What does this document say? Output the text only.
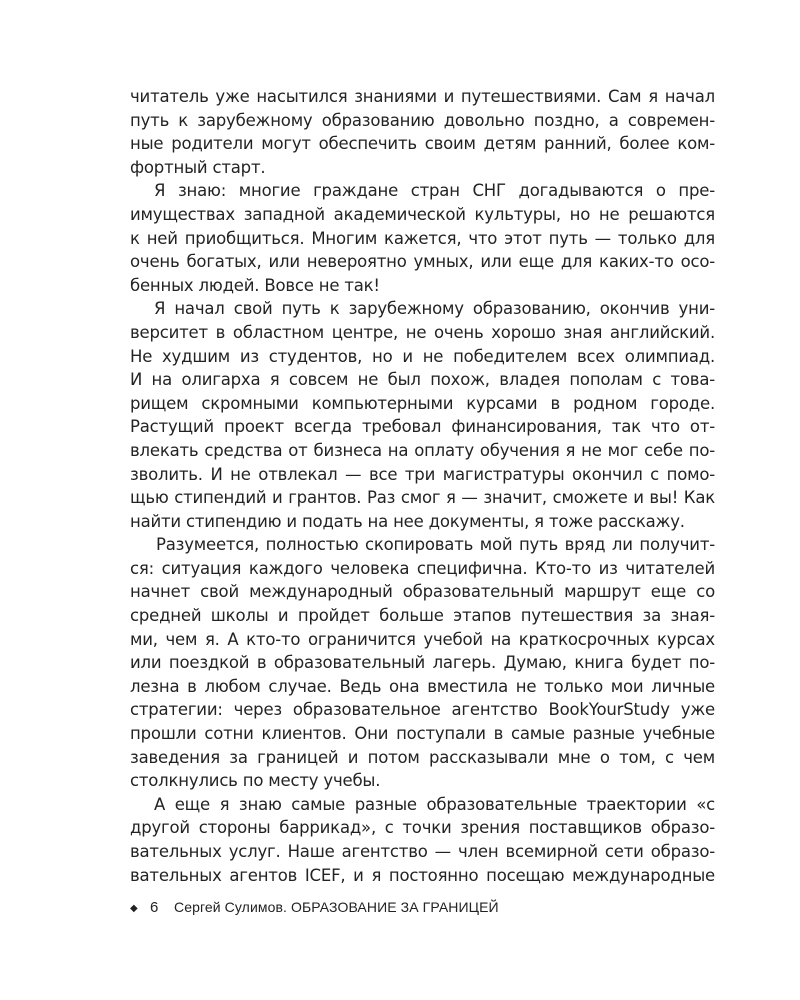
читатель уже насытился знаниями и путешествиями. Сам я начал
путь к зарубежному образованию довольно поздно, а современ-
ные родители могут обеспечить своим детям ранний, более ком-
фортный старт.
Я знаю: многие граждане стран СНГ догадываются о пре-
имуществах западной академической культуры, но не решаются
к ней приобщиться. Многим кажется, что этот путь — только для
очень богатых, или невероятно умных, или еще для каких-то осо-
бенных людей. Вовсе не так!
Я начал свой путь к зарубежному образованию, окончив уни-
верситет в областном центре, не очень хорошо зная английский.
Не худшим из студентов, но и не победителем всех олимпиад.
И на олигарха я совсем не был похож, владея пополам с това-
рищем скромными компьютерными курсами в родном городе.
Растущий проект всегда требовал финансирования, так что от-
влекать средства от бизнеса на оплату обучения я не мог себе по-
зволить. И не отвлекал — все три магистратуры окончил с помо-
щью стипендий и грантов. Раз смог я — значит, сможете и вы! Как
найти стипендию и подать на нее документы, я тоже расскажу.
Разумеется, полностью скопировать мой путь вряд ли получит-
ся: ситуация каждого человека специфична. Кто-то из читателей
начнет свой международный образовательный маршрут еще со
средней школы и пройдет больше этапов путешествия за зная-
ми, чем я. А кто-то ограничится учебой на краткосрочных курсах
или поездкой в образовательный лагерь. Думаю, книга будет по-
лезна в любом случае. Ведь она вместила не только мои личные
стратегии: через образовательное агентство BookYourStudy уже
прошли сотни клиентов. Они поступали в самые разные учебные
заведения за границей и потом рассказывали мне о том, с чем
столкнулись по месту учебы.
А еще я знаю самые разные образовательные траектории «с
другой стороны баррикад», с точки зрения поставщиков образо-
вательных услуг. Наше агентство — член всемирной сети образо-
вательных агентов ICEF, и я постоянно посещаю международные
◆ 6 Сергей Сулимов. ОБРАЗОВАНИЕ ЗА ГРАНИЦЕЙ
